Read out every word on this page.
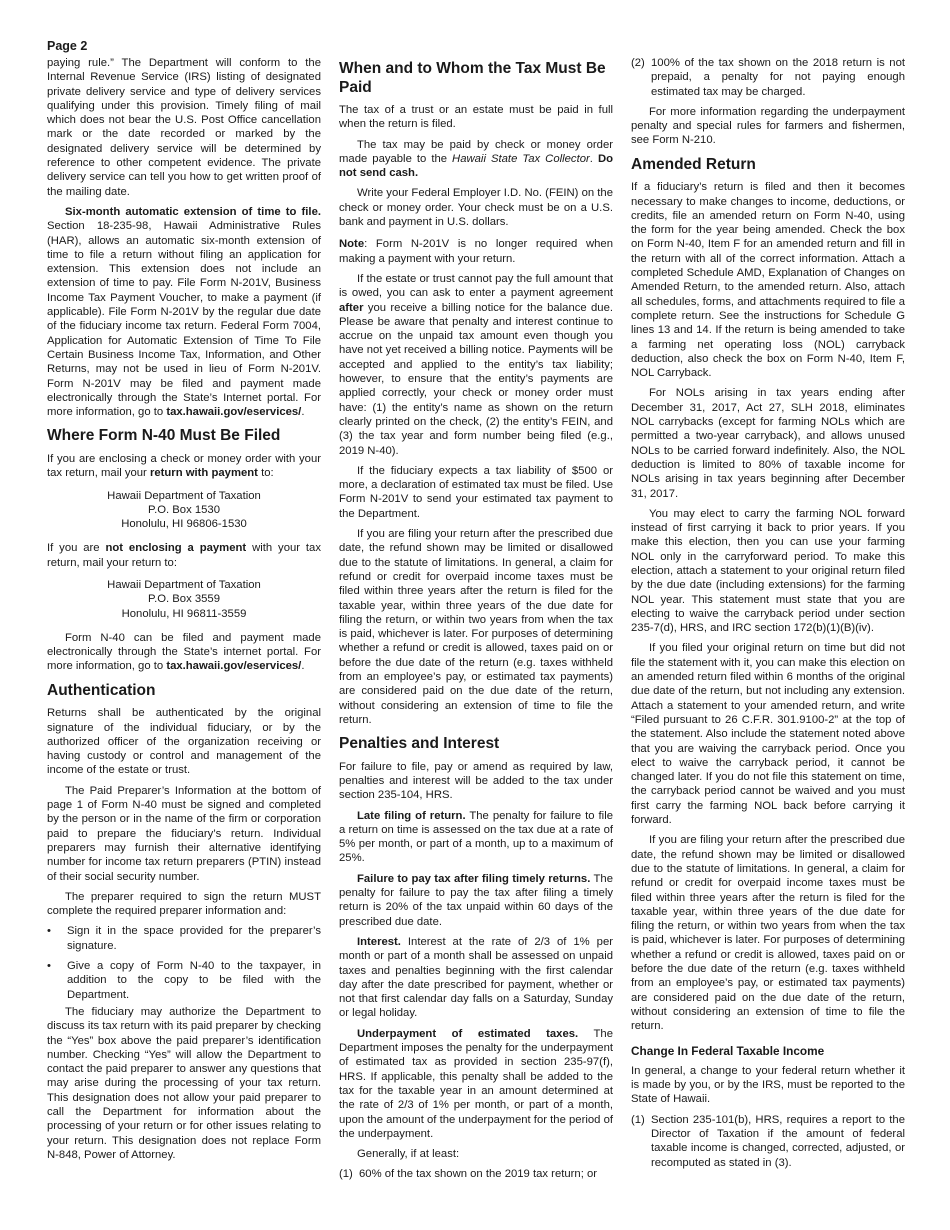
Page 2

paying rule.” The Department will conform to the Internal Revenue Service (IRS) listing of designated private delivery service and type of delivery services qualifying under this provision. Timely filing of mail which does not bear the U.S. Post Office cancellation mark or the date recorded or marked by the designated delivery service will be determined by reference to other competent evidence. The private delivery service can tell you how to get written proof of the mailing date.

Six-month automatic extension of time to file. Section 18-235-98, Hawaii Administrative Rules (HAR), allows an automatic six-month extension of time to file a return without filing an application for extension. This extension does not include an extension of time to pay. File Form N-201V, Business Income Tax Payment Voucher, to make a payment (if applicable). File Form N-201V by the regular due date of the fiduciary income tax return. Federal Form 7004, Application for Automatic Extension of Time To File Certain Business Income Tax, Information, and Other Returns, may not be used in lieu of Form N-201V. Form N-201V may be filed and payment made electronically through the State’s Internet portal. For more information, go to tax.hawaii.gov/eservices/.

Where Form N-40 Must Be Filed

If you are enclosing a check or money order with your tax return, mail your return with payment to:

Hawaii Department of Taxation
P.O. Box 1530
Honolulu, HI 96806-1530

If you are not enclosing a payment with your tax return, mail your return to:

Hawaii Department of Taxation
P.O. Box 3559
Honolulu, HI 96811-3559

Form N-40 can be filed and payment made electronically through the State’s internet portal. For more information, go to tax.hawaii.gov/eservices/.

Authentication

Returns shall be authenticated by the original signature of the individual fiduciary, or by the authorized officer of the organization receiving or having custody or control and management of the income of the estate or trust.

The Paid Preparer’s Information at the bottom of page 1 of Form N-40 must be signed and completed by the person or in the name of the firm or corporation paid to prepare the fiduciary’s return. Individual preparers may furnish their alternative identifying number for income tax return preparers (PTIN) instead of their social security number.

The preparer required to sign the return MUST complete the required preparer information and:

•	Sign it in the space provided for the preparer’s signature.
•	Give a copy of Form N-40 to the taxpayer, in addition to the copy to be filed with the Department.

The fiduciary may authorize the Department to discuss its tax return with its paid preparer by checking the “Yes” box above the paid preparer’s identification number. Checking “Yes” will allow the Department to contact the paid preparer to answer any questions that may arise during the processing of your tax return. This designation does not allow your paid preparer to call the Department for information about the processing of your return or for other issues relating to your return. This designation does not replace Form N-848, Power of Attorney.

When and to Whom the Tax Must Be Paid

The tax of a trust or an estate must be paid in full when the return is filed.

The tax may be paid by check or money order made payable to the Hawaii State Tax Collector. Do not send cash.

Write your Federal Employer I.D. No. (FEIN) on the check or money order. Your check must be on a U.S. bank and payment in U.S. dollars.

Note: Form N-201V is no longer required when making a payment with your return.

If the estate or trust cannot pay the full amount that is owed, you can ask to enter a payment agreement after you receive a billing notice for the balance due. Please be aware that penalty and interest continue to accrue on the unpaid tax amount even though you have not yet received a billing notice. Payments will be accepted and applied to the entity’s tax liability; however, to ensure that the entity’s payments are applied correctly, your check or money order must have: (1) the entity’s name as shown on the return clearly printed on the check, (2) the entity’s FEIN, and (3) the tax year and form number being filed (e.g., 2019 N-40).

If the fiduciary expects a tax liability of $500 or more, a declaration of estimated tax must be filed. Use Form N-201V to send your estimated tax payment to the Department.

If you are filing your return after the prescribed due date, the refund shown may be limited or disallowed due to the statute of limitations. In general, a claim for refund or credit for overpaid income taxes must be filed within three years after the return is filed for the taxable year, within three years of the due date for filing the return, or within two years from when the tax is paid, whichever is later. For purposes of determining whether a refund or credit is allowed, taxes paid on or before the due date of the return (e.g. taxes withheld from an employee’s pay, or estimated tax payments) are considered paid on the due date of the return, without considering an extension of time to file the return.

Penalties and Interest

For failure to file, pay or amend as required by law, penalties and interest will be added to the tax under section 235-104, HRS.

Late filing of return. The penalty for failure to file a return on time is assessed on the tax due at a rate of 5% per month, or part of a month, up to a maximum of 25%.

Failure to pay tax after filing timely returns. The penalty for failure to pay the tax after filing a timely return is 20% of the tax unpaid within 60 days of the prescribed due date.

Interest. Interest at the rate of 2/3 of 1% per month or part of a month shall be assessed on unpaid taxes and penalties beginning with the first calendar day after the date prescribed for payment, whether or not that first calendar day falls on a Saturday, Sunday or legal holiday.

Underpayment of estimated taxes. The Department imposes the penalty for the underpayment of estimated tax as provided in section 235-97(f), HRS. If applicable, this penalty shall be added to the tax for the taxable year in an amount determined at the rate of 2/3 of 1% per month, or part of a month, upon the amount of the underpayment for the period of the underpayment.

Generally, if at least:

(1) 60% of the tax shown on the 2019 tax return; or
(2) 100% of the tax shown on the 2018 return is not prepaid, a penalty for not paying enough estimated tax may be charged.

For more information regarding the underpayment penalty and special rules for farmers and fishermen, see Form N-210.

Amended Return

If a fiduciary’s return is filed and then it becomes necessary to make changes to income, deductions, or credits, file an amended return on Form N-40, using the form for the year being amended. Check the box on Form N-40, Item F for an amended return and fill in the return with all of the correct information. Attach a completed Schedule AMD, Explanation of Changes on Amended Return, to the amended return. Also, attach all schedules, forms, and attachments required to file a complete return. See the instructions for Schedule G lines 13 and 14. If the return is being amended to take a farming net operating loss (NOL) carryback deduction, also check the box on Form N-40, Item F, NOL Carryback.

For NOLs arising in tax years ending after December 31, 2017, Act 27, SLH 2018, eliminates NOL carrybacks (except for farming NOLs which are permitted a two-year carryback), and allows unused NOLs to be carried forward indefinitely. Also, the NOL deduction is limited to 80% of taxable income for NOLs arising in tax years beginning after December 31, 2017.

You may elect to carry the farming NOL forward instead of first carrying it back to prior years. If you make this election, then you can use your farming NOL only in the carryforward period. To make this election, attach a statement to your original return filed by the due date (including extensions) for the farming NOL year. This statement must state that you are electing to waive the carryback period under section 235-7(d), HRS, and IRC section 172(b)(1)(B)(iv).

If you filed your original return on time but did not file the statement with it, you can make this election on an amended return filed within 6 months of the original due date of the return, but not including any extension. Attach a statement to your amended return, and write “Filed pursuant to 26 C.F.R. 301.9100-2” at the top of the statement. Also include the statement noted above that you are waiving the carryback period. Once you elect to waive the carryback period, it cannot be changed later. If you do not file this statement on time, the carryback period cannot be waived and you must first carry the farming NOL back before carrying it forward.

If you are filing your return after the prescribed due date, the refund shown may be limited or disallowed due to the statute of limitations. In general, a claim for refund or credit for overpaid income taxes must be filed within three years after the return is filed for the taxable year, within three years of the due date for filing the return, or within two years from when the tax is paid, whichever is later. For purposes of determining whether a refund or credit is allowed, taxes paid on or before the due date of the return (e.g. taxes withheld from an employee’s pay, or estimated tax payments) are considered paid on the due date of the return, without considering an extension of time to file the return.

Change In Federal Taxable Income

In general, a change to your federal return whether it is made by you, or by the IRS, must be reported to the State of Hawaii.

(1) Section 235-101(b), HRS, requires a report to the Director of Taxation if the amount of federal taxable income is changed, corrected, adjusted, or recomputed as stated in (3).
